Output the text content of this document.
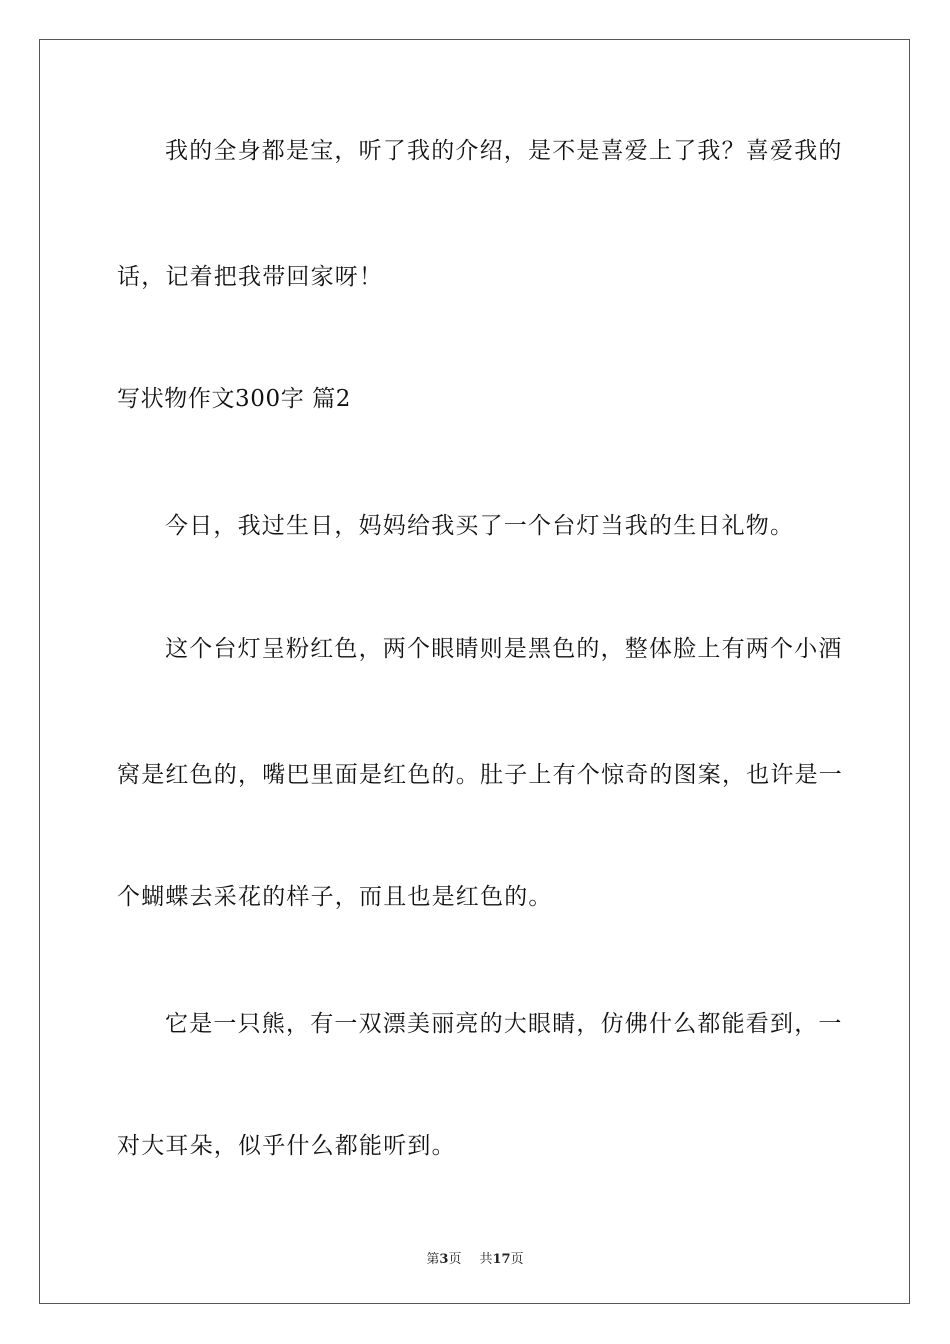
我的全身都是宝，听了我的介绍，是不是喜爱上了我？喜爱我的
话，记着把我带回家呀！
写状物作文300字 篇2
今日，我过生日，妈妈给我买了一个台灯当我的生日礼物。
这个台灯呈粉红色，两个眼睛则是黑色的，整体脸上有两个小酒
窝是红色的，嘴巴里面是红色的。肚子上有个惊奇的图案，也许是一
个蝴蝶去采花的样子，而且也是红色的。
它是一只熊，有一双漂美丽亮的大眼睛，仿佛什么都能看到，一
对大耳朵，似乎什么都能听到。
第3页 共17页
